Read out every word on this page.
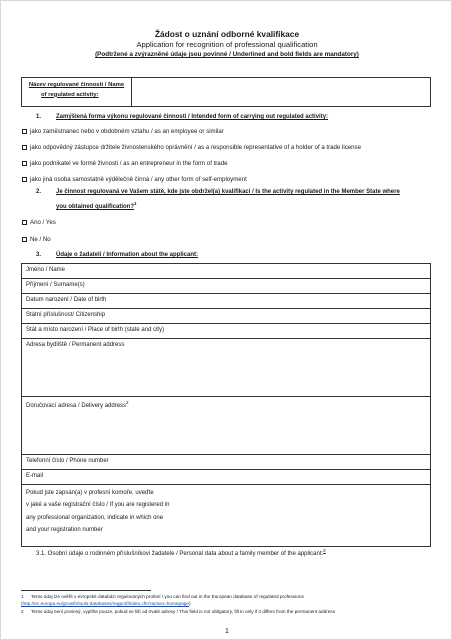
Žádost o uznání odborné kvalifikace
Application for recognition of professional qualification
(Podtržené a zvýrazněné údaje jsou povinné / Underlined and bold fields are mandatory)
Název regulované činnosti / Name
of regulated activity:
1. Zamýšlená forma výkonu regulované činnosti / Intended form of carrying out regulated activity:
jako zaměstnanec nebo v obdobném vztahu / as an employee or similar
jako odpovědný zástupce držitele živnostenského oprávnění / as a responsible representative of a holder of a trade license
jako podnikatel ve formě živnosti / as an entrepreneur in the form of trade
jako jiná osoba samostatně výdělečně činná / any other form of self-employment
2. Je činnost regulovaná ve Vašem státě, kde jste obdržel(a) kvalifikaci / Is the activity regulated in the Member State where
you obtained qualification?$^1$
Ano / Yes
Ne / No
3. Údaje o žadateli / Information about the applicant:
Jméno / Name
Příjmení / Surname(s)
Datum narození / Date of birth
Státní příslušnost/ Citizenship
Stát a místo narození / Place of birth (state and city)
Adresa bydliště / Permanent address
Doručovací adresa / Delivery address$^2$
Telefonní číslo / Phone number
E-mail
Pokud jste zapsán(a) v profesní komoře, uveďte
v jaké a vaše registrační číslo / If you are registered in
any professional organization, indicate in which one
and your registration number
3.1. Osobní údaje o rodinném příslušníkovi žadatele / Personal data about a family member of the applicant:$^3$
1 Tento údaj lze ověřit v evropské databázi regulovaných profesí / you can find out in the European database of regulated professions
(http://ec.europa.eu/growth/tools-databases/regprof/index.cfm?action=homepage)
2 Tento údaj není povinný, vyplňte pouze, pokud se liší od trvalé adresy / This field is not obligatory, fill in only if it differs from the permanent address
1
